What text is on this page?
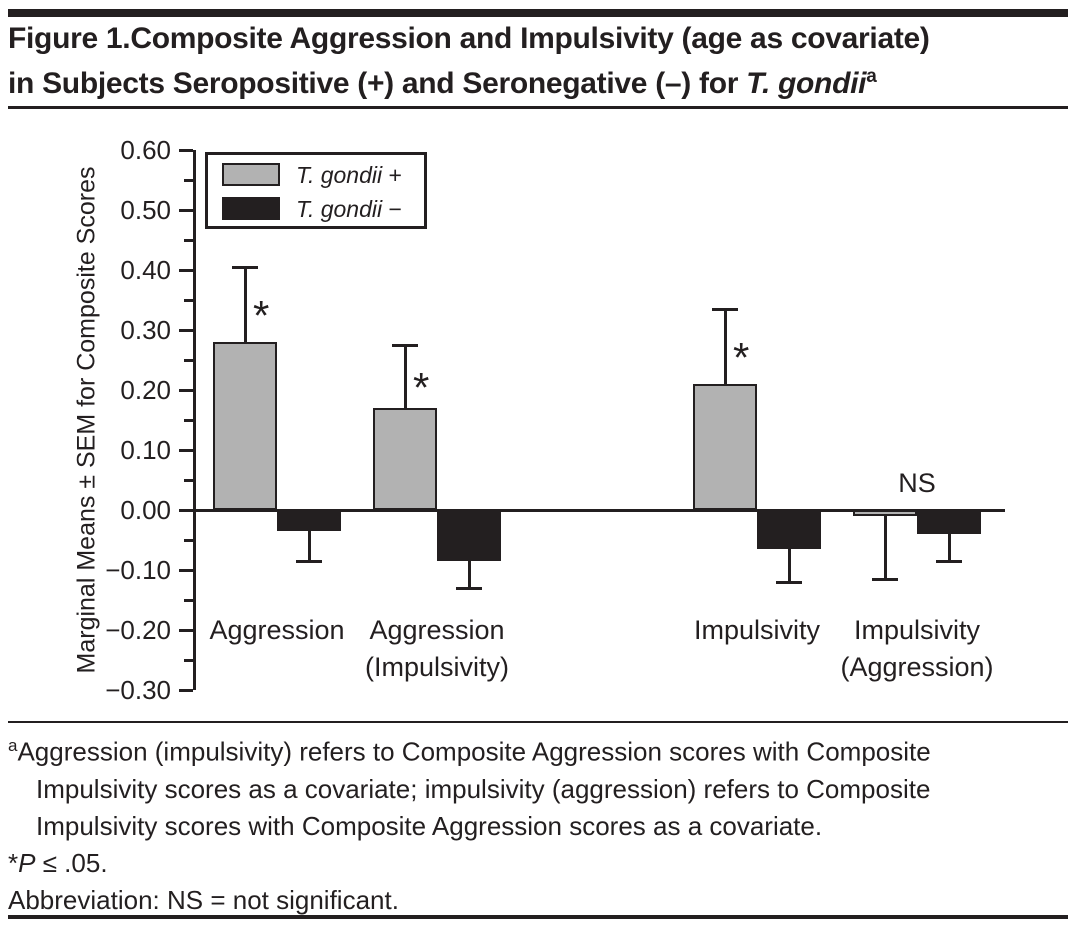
Figure 1.Composite Aggression and Impulsivity (age as covariate)
in Subjects Seropositive (+) and Seronegative (–) for T. gondii$^a$
Marginal Means ± SEM for Composite Scores	T. gondii +
T. gondii −
0.60
0.50
0.40
0.30
0.20
0.10
0.00
−0.10
−0.20
−0.30
*
*
*
NS
Aggression Aggression
(Impulsivity)
Impulsivity	Impulsivity
(Aggression)
$^a$Aggression (impulsivity) refers to Composite Aggression scores with Composite
Impulsivity scores as a covariate; impulsivity (aggression) refers to Composite
Impulsivity scores with Composite Aggression scores as a covariate.
*P ≤ .05.
Abbreviation: NS = not significant.
